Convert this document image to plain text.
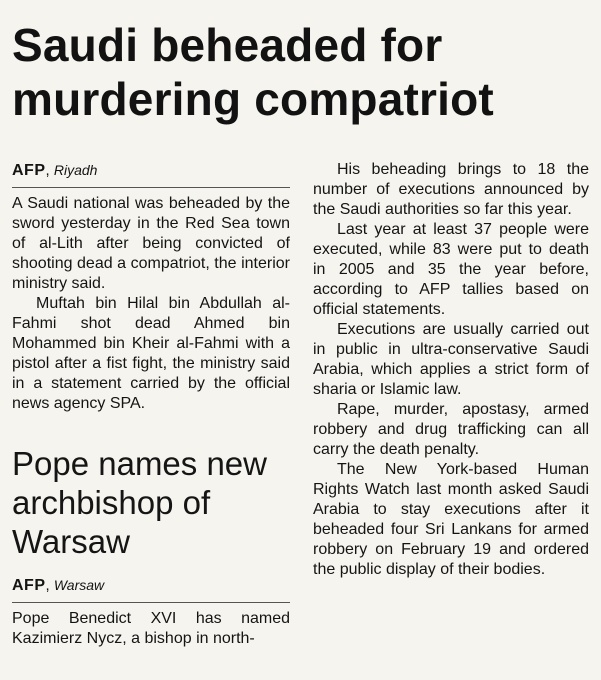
Saudi beheaded for murdering compatriot
AFP, Riyadh

A Saudi national was beheaded by the sword yesterday in the Red Sea town of al-Lith after being convicted of shooting dead a compatriot, the interior ministry said.

Muftah bin Hilal bin Abdullah al-Fahmi shot dead Ahmed bin Mohammed bin Kheir al-Fahmi with a pistol after a fist fight, the ministry said in a statement carried by the official news agency SPA.

Pope names new archbishop of Warsaw
AFP, Warsaw

Pope Benedict XVI has named Kazimierz Nycz, a bishop in north-

His beheading brings to 18 the number of executions announced by the Saudi authorities so far this year.

Last year at least 37 people were executed, while 83 were put to death in 2005 and 35 the year before, according to AFP tallies based on official statements.

Executions are usually carried out in public in ultra-conservative Saudi Arabia, which applies a strict form of sharia or Islamic law.

Rape, murder, apostasy, armed robbery and drug trafficking can all carry the death penalty.

The New York-based Human Rights Watch last month asked Saudi Arabia to stay executions after it beheaded four Sri Lankans for armed robbery on February 19 and ordered the public display of their bodies.
